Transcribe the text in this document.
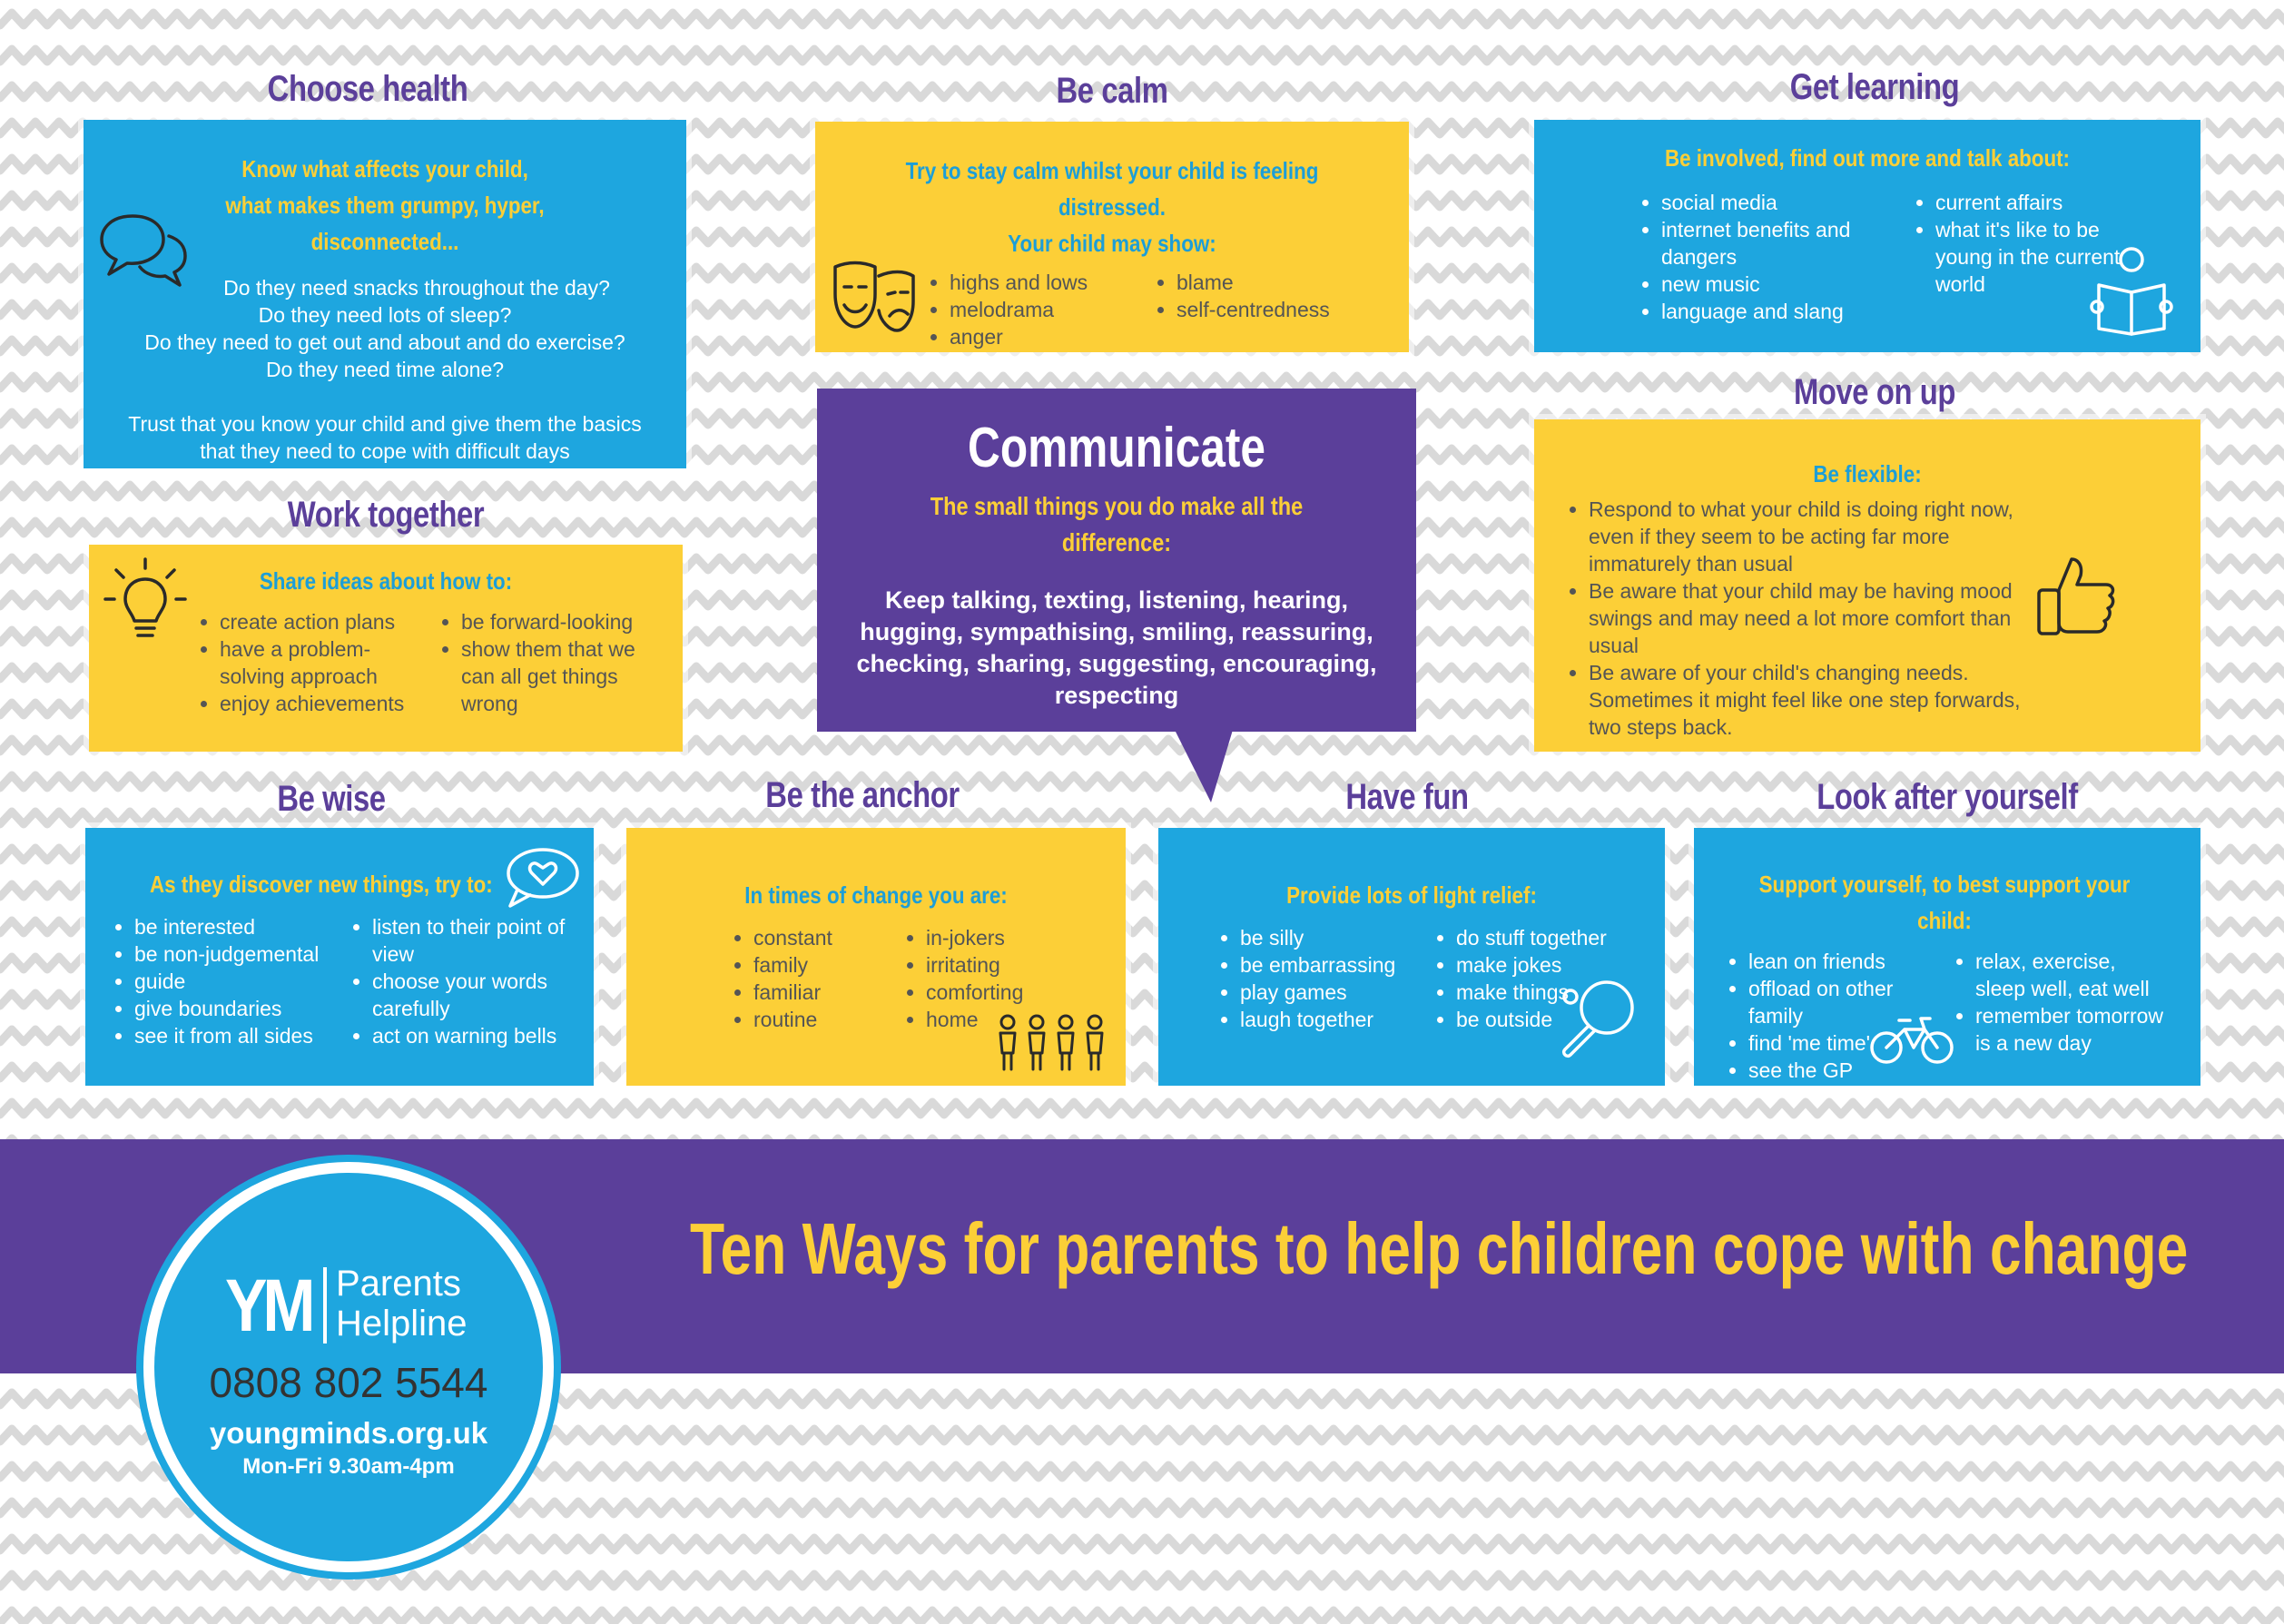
Choose health
Know what affects your child,
what makes them grumpy, hyper, disconnected...
Do they need snacks throughout the day?
Do they need lots of sleep?
Do they need to get out and about and do exercise?
Do they need time alone?
Trust that you know your child and give them the basics
that they need to cope with difficult days
Be calm
Try to stay calm whilst your child is feeling distressed.
Your child may show:
• highs and lows
• melodrama
• anger
• blame
• self-centredness
Get learning
Be involved, find out more and talk about:
• social media
• internet benefits and dangers
• new music
• language and slang
• current affairs
• what it's like to be young in the current world
Communicate
The small things you do make all the difference:
Keep talking, texting, listening, hearing, hugging, sympathising, smiling, reassuring, checking, sharing, suggesting, encouraging, respecting
Move on up
Be flexible:
• Respond to what your child is doing right now, even if they seem to be acting far more immaturely than usual
• Be aware that your child may be having mood swings and may need a lot more comfort than usual
• Be aware of your child's changing needs. Sometimes it might feel like one step forwards, two steps back.
Work together
Share ideas about how to:
• create action plans
• have a problem-solving approach
• enjoy achievements
• be forward-looking
• show them that we can all get things wrong
Be wise
As they discover new things, try to:
• be interested
• be non-judgemental
• guide
• give boundaries
• see it from all sides
• listen to their point of view
• choose your words carefully
• act on warning bells
Be the anchor
In times of change you are:
• constant
• family
• familiar
• routine
• in-jokers
• irritating
• comforting
• home
Have fun
Provide lots of light relief:
• be silly
• be embarrassing
• play games
• laugh together
• do stuff together
• make jokes
• make things
• be outside
Look after yourself
Support yourself, to best support your child:
• lean on friends
• offload on other family
• find 'me time'
• see the GP
• relax, exercise, sleep well, eat well
• remember tomorrow is a new day
Ten Ways for parents to help children cope with change
YM Parents
Helpline
0808 802 5544
youngminds.org.uk
Mon-Fri 9.30am-4pm
